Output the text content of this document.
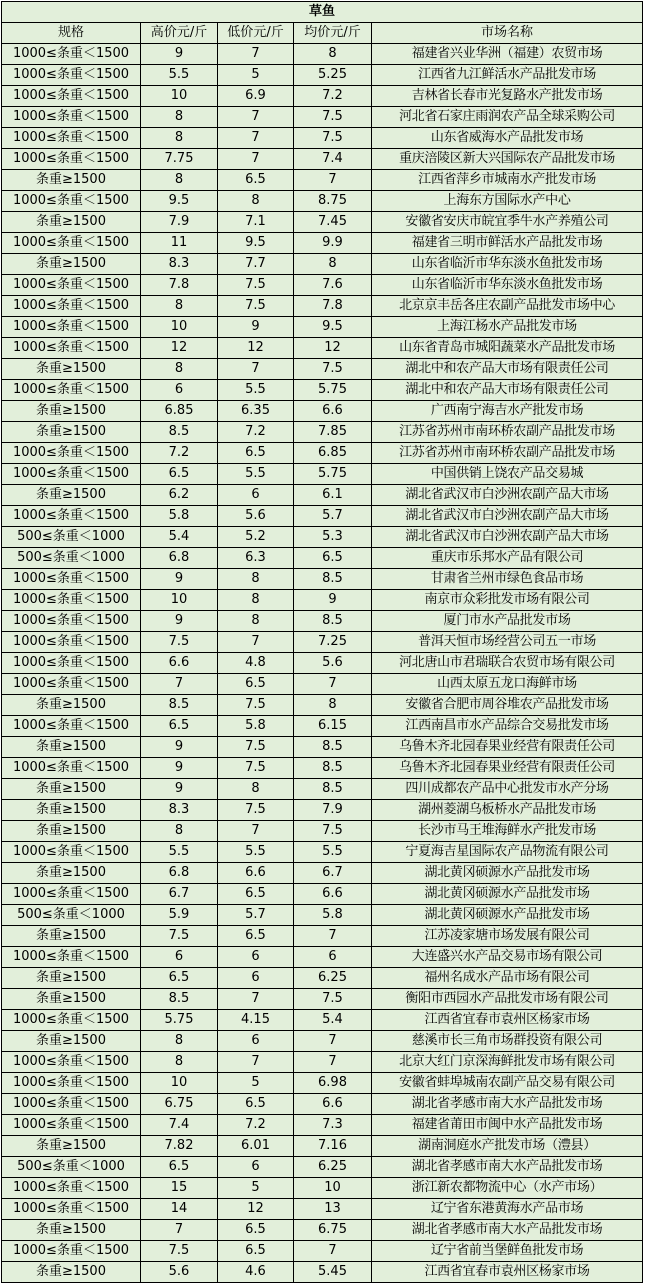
草鱼				
规格	高价元/斤	低价元/斤	均价元/斤	市场名称
1000≤条重＜1500	9	7	8	福建省兴业华洲（福建）农贸市场
1000≤条重＜1500	5.5	5	5.25	江西省九江鲜活水产品批发市场
1000≤条重＜1500	10	6.9	7.2	吉林省长春市光复路水产批发市场
1000≤条重＜1500	8	7	7.5	河北省石家庄雨润农产品全球采购公司
1000≤条重＜1500	8	7	7.5	山东省威海水产品批发市场
1000≤条重＜1500	7.75	7	7.4	重庆涪陵区新大兴国际农产品批发市场
条重≥1500	8	6.5	7	江西省萍乡市城南水产批发市场
1000≤条重＜1500	9.5	8	8.75	上海东方国际水产中心
条重≥1500	7.9	7.1	7.45	安徽省安庆市皖宜季牛水产养殖公司
1000≤条重＜1500	11	9.5	9.9	福建省三明市鲜活水产品批发市场
条重≥1500	8.3	7.7	8	山东省临沂市华东淡水鱼批发市场
1000≤条重＜1500	7.8	7.5	7.6	山东省临沂市华东淡水鱼批发市场
1000≤条重＜1500	8	7.5	7.8	北京京丰岳各庄农副产品批发市场中心
1000≤条重＜1500	10	9	9.5	上海江杨水产品批发市场
1000≤条重＜1500	12	12	12	山东省青岛市城阳蔬菜水产品批发市场
条重≥1500	8	7	7.5	湖北中和农产品大市场有限责任公司
1000≤条重＜1500	6	5.5	5.75	湖北中和农产品大市场有限责任公司
条重≥1500	6.85	6.35	6.6	广西南宁海吉水产批发市场
条重≥1500	8.5	7.2	7.85	江苏省苏州市南环桥农副产品批发市场
1000≤条重＜1500	7.2	6.5	6.85	江苏省苏州市南环桥农副产品批发市场
1000≤条重＜1500	6.5	5.5	5.75	中国供销上饶农产品交易城
条重≥1500	6.2	6	6.1	湖北省武汉市白沙洲农副产品大市场
1000≤条重＜1500	5.8	5.6	5.7	湖北省武汉市白沙洲农副产品大市场
500≤条重＜1000	5.4	5.2	5.3	湖北省武汉市白沙洲农副产品大市场
500≤条重＜1000	6.8	6.3	6.5	重庆市乐邦水产品有限公司
1000≤条重＜1500	9	8	8.5	甘肃省兰州市绿色食品市场
1000≤条重＜1500	10	8	9	南京市众彩批发市场有限公司
1000≤条重＜1500	9	8	8.5	厦门市水产品批发市场
1000≤条重＜1500	7.5	7	7.25	普洱天恒市场经营公司五一市场
1000≤条重＜1500	6.6	4.8	5.6	河北唐山市君瑞联合农贸市场有限公司
1000≤条重＜1500	7	6.5	7	山西太原五龙口海鲜市场
条重≥1500	8.5	7.5	8	安徽省合肥市周谷堆农产品批发市场
1000≤条重＜1500	6.5	5.8	6.15	江西南昌市水产品综合交易批发市场
条重≥1500	9	7.5	8.5	乌鲁木齐北园春果业经营有限责任公司
1000≤条重＜1500	9	7.5	8.5	乌鲁木齐北园春果业经营有限责任公司
条重≥1500	9	8	8.5	四川成都农产品中心批发市水产分场
条重≥1500	8.3	7.5	7.9	湖州菱湖乌板桥水产品批发市场
条重≥1500	8	7	7.5	长沙市马王堆海鲜水产批发市场
1000≤条重＜1500	5.5	5.5	5.5	宁夏海吉星国际农产品物流有限公司
条重≥1500	6.8	6.6	6.7	湖北黄冈硕源水产品批发市场
1000≤条重＜1500	6.7	6.5	6.6	湖北黄冈硕源水产品批发市场
500≤条重＜1000	5.9	5.7	5.8	湖北黄冈硕源水产品批发市场
条重≥1500	7.5	6.5	7	江苏凌家塘市场发展有限公司
1000≤条重＜1500	6	6	6	大连盛兴水产品交易市场有限公司
条重≥1500	6.5	6	6.25	福州名成水产品市场有限公司
条重≥1500	8.5	7	7.5	衡阳市西园水产品批发市场有限公司
1000≤条重＜1500	5.75	4.15	5.4	江西省宜春市袁州区杨家市场
条重≥1500	8	6	7	慈溪市长三角市场群投资有限公司
1000≤条重＜1500	8	7	7	北京大红门京深海鲜批发市场有限公司
1000≤条重＜1500	10	5	6.98	安徽省蚌埠城南农副产品交易有限公司
1000≤条重＜1500	6.75	6.5	6.6	湖北省孝感市南大水产品批发市场
1000≤条重＜1500	7.4	7.2	7.3	福建省莆田市闽中水产品批发市场
条重≥1500	7.82	6.01	7.16	湖南洞庭水产批发市场（澧县）
500≤条重＜1000	6.5	6	6.25	湖北省孝感市南大水产品批发市场
1000≤条重＜1500	15	5	10	浙江新农都物流中心（水产市场）
1000≤条重＜1500	14	12	13	辽宁省东港黄海水产品市场
条重≥1500	7	6.5	6.75	湖北省孝感市南大水产品批发市场
1000≤条重＜1500	7.5	6.5	7	辽宁省前当堡鲜鱼批发市场
条重≥1500	5.6	4.6	5.45	江西省宜春市袁州区杨家市场
